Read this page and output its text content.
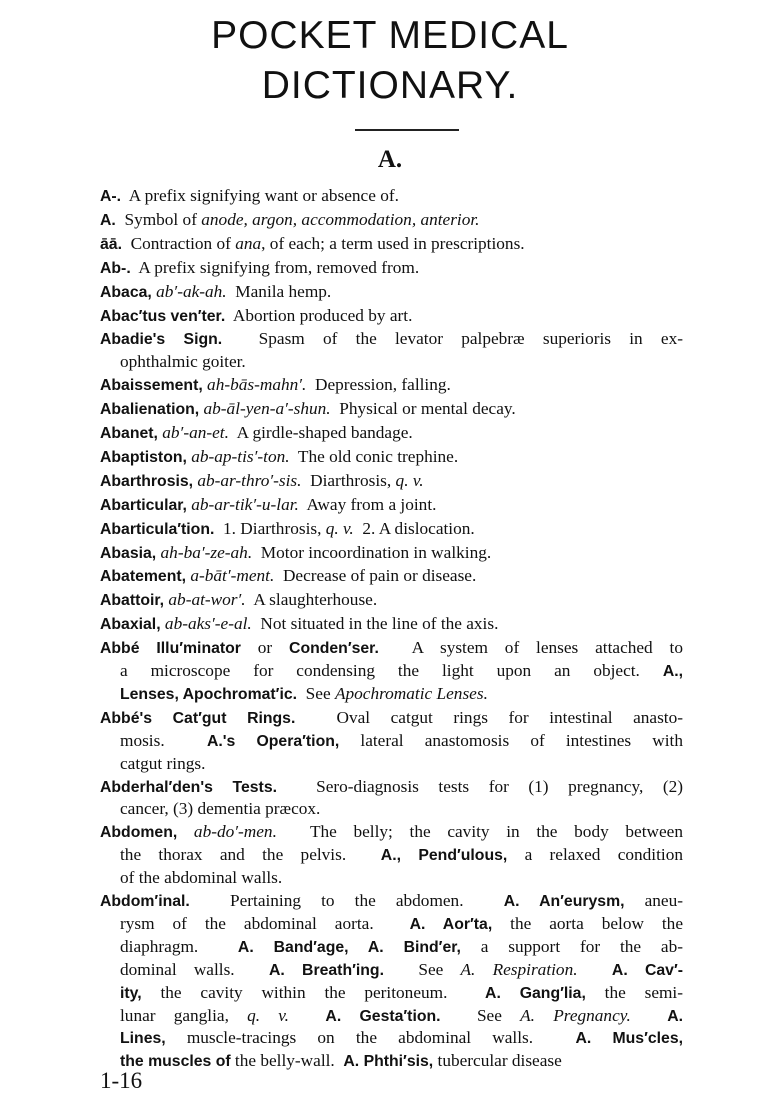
POCKET MEDICAL
DICTIONARY.
A.
A-.  A prefix signifying want or absence of.
A.  Symbol of anode, argon, accommodation, anterior.
āā.  Contraction of ana, of each; a term used in prescriptions.
Ab-.  A prefix signifying from, removed from.
Abaca, ab′-ak-ah.  Manila hemp.
Abac′tus ven′ter.  Abortion produced by art.
Abadie's Sign.  Spasm of the levator palpebræ superioris in ex-
ophthalmic goiter.
Abaissement, ah-bās-mahn′.  Depression, falling.
Abalienation, ab-āl-yen-a′-shun.  Physical or mental decay.
Abanet, ab′-an-et.  A girdle-shaped bandage.
Abaptiston, ab-ap-tis′-ton.  The old conic trephine.
Abarthrosis, ab-ar-thro′-sis.  Diarthrosis, q. v.
Abarticular, ab-ar-tik′-u-lar.  Away from a joint.
Abarticula′tion.  1. Diarthrosis, q. v.  2. A dislocation.
Abasia, ah-ba′-ze-ah.  Motor incoordination in walking.
Abatement, a-bāt′-ment.  Decrease of pain or disease.
Abattoir, ab-at-wor′.  A slaughterhouse.
Abaxial, ab-aks′-e-al.  Not situated in the line of the axis.
Abbé Illu′minator or Conden′ser.  A system of lenses attached to
a microscope for condensing the light upon an object. A.,
Lenses, Apochromat′ic.  See Apochromatic Lenses.
Abbé's Cat′gut Rings.  Oval catgut rings for intestinal anasto-
mosis.  A.'s Opera′tion, lateral anastomosis of intestines with
catgut rings.
Abderhal′den's Tests.  Sero-diagnosis tests for (1) pregnancy, (2)
cancer, (3) dementia præcox.
Abdomen, ab-do′-men.  The belly; the cavity in the body between
the thorax and the pelvis.  A., Pend′ulous, a relaxed condition
of the abdominal walls.
Abdom′inal.  Pertaining to the abdomen.  A. An′eurysm, aneu-
rysm of the abdominal aorta.  A. Aor′ta, the aorta below the
diaphragm.  A. Band′age, A. Bind′er, a support for the ab-
dominal walls.  A. Breath′ing.  See A. Respiration. A. Cav′-
ity, the cavity within the peritoneum.  A. Gang′lia, the semi-
lunar ganglia, q. v. A. Gesta′tion.  See A. Pregnancy. A.
Lines, muscle-tracings on the abdominal walls.  A. Mus′cles,
the muscles of the belly-wall.  A. Phthi′sis, tubercular disease
1-16
